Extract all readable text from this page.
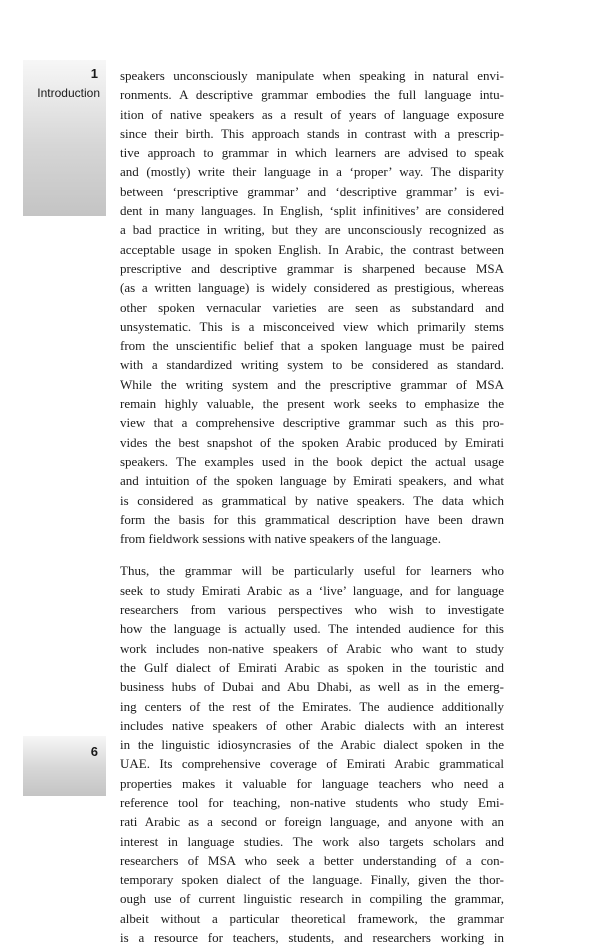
1
Introduction
6

speakers unconsciously manipulate when speaking in natural envi-
ronments. A descriptive grammar embodies the full language intu-
ition of native speakers as a result of years of language exposure
since their birth. This approach stands in contrast with a prescrip-
tive approach to grammar in which learners are advised to speak
and (mostly) write their language in a ‘proper’ way. The disparity
between ‘prescriptive grammar’ and ‘descriptive grammar’ is evi-
dent in many languages. In English, ‘split infinitives’ are considered
a bad practice in writing, but they are unconsciously recognized as
acceptable usage in spoken English. In Arabic, the contrast between
prescriptive and descriptive grammar is sharpened because MSA
(as a written language) is widely considered as prestigious, whereas
other spoken vernacular varieties are seen as substandard and
unsystematic. This is a misconceived view which primarily stems
from the unscientific belief that a spoken language must be paired
with a standardized writing system to be considered as standard.
While the writing system and the prescriptive grammar of MSA
remain highly valuable, the present work seeks to emphasize the
view that a comprehensive descriptive grammar such as this pro-
vides the best snapshot of the spoken Arabic produced by Emirati
speakers. The examples used in the book depict the actual usage
and intuition of the spoken language by Emirati speakers, and what
is considered as grammatical by native speakers. The data which
form the basis for this grammatical description have been drawn
from fieldwork sessions with native speakers of the language.

Thus, the grammar will be particularly useful for learners who
seek to study Emirati Arabic as a ‘live’ language, and for language
researchers from various perspectives who wish to investigate
how the language is actually used. The intended audience for this
work includes non-native speakers of Arabic who want to study
the Gulf dialect of Emirati Arabic as spoken in the touristic and
business hubs of Dubai and Abu Dhabi, as well as in the emerg-
ing centers of the rest of the Emirates. The audience additionally
includes native speakers of other Arabic dialects with an interest
in the linguistic idiosyncrasies of the Arabic dialect spoken in the
UAE. Its comprehensive coverage of Emirati Arabic grammatical
properties makes it valuable for language teachers who need a
reference tool for teaching, non-native students who study Emi-
rati Arabic as a second or foreign language, and anyone with an
interest in language studies. The work also targets scholars and
researchers of MSA who seek a better understanding of a con-
temporary spoken dialect of the language. Finally, given the thor-
ough use of current linguistic research in compiling the grammar,
albeit without a particular theoretical framework, the grammar
is a resource for teachers, students, and researchers working in
